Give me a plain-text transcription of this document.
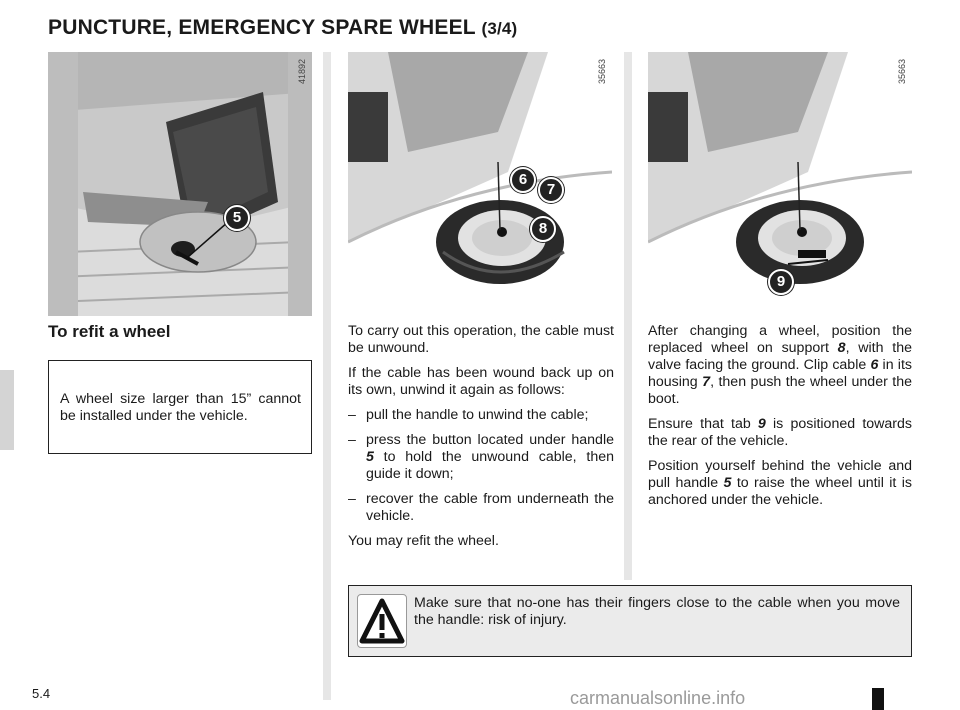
PUNCTURE, EMERGENCY SPARE WHEEL (3/4)
5
41892
6
7
8
35663
9
35663
To refit a wheel
A wheel size larger than 15” cannot be installed under the vehicle.

To carry out this operation, the cable must be unwound.

If the cable has been wound back up on its own, unwind it again as follows:

– pull the handle to unwind the cable;
– press the button located under handle 5 to hold the unwound cable, then guide it down;
– recover the cable from underneath the vehicle.

You may refit the wheel.

After changing a wheel, position the replaced wheel on support 8, with the valve facing the ground. Clip cable 6 in its housing 7, then push the wheel under the boot.

Ensure that tab 9 is positioned towards the rear of the vehicle.

Position yourself behind the vehicle and pull handle 5 to raise the wheel until it is anchored under the vehicle.

Make sure that no-one has their fingers close to the cable when you move the handle: risk of injury.
5.4	carmanualsonline.info
